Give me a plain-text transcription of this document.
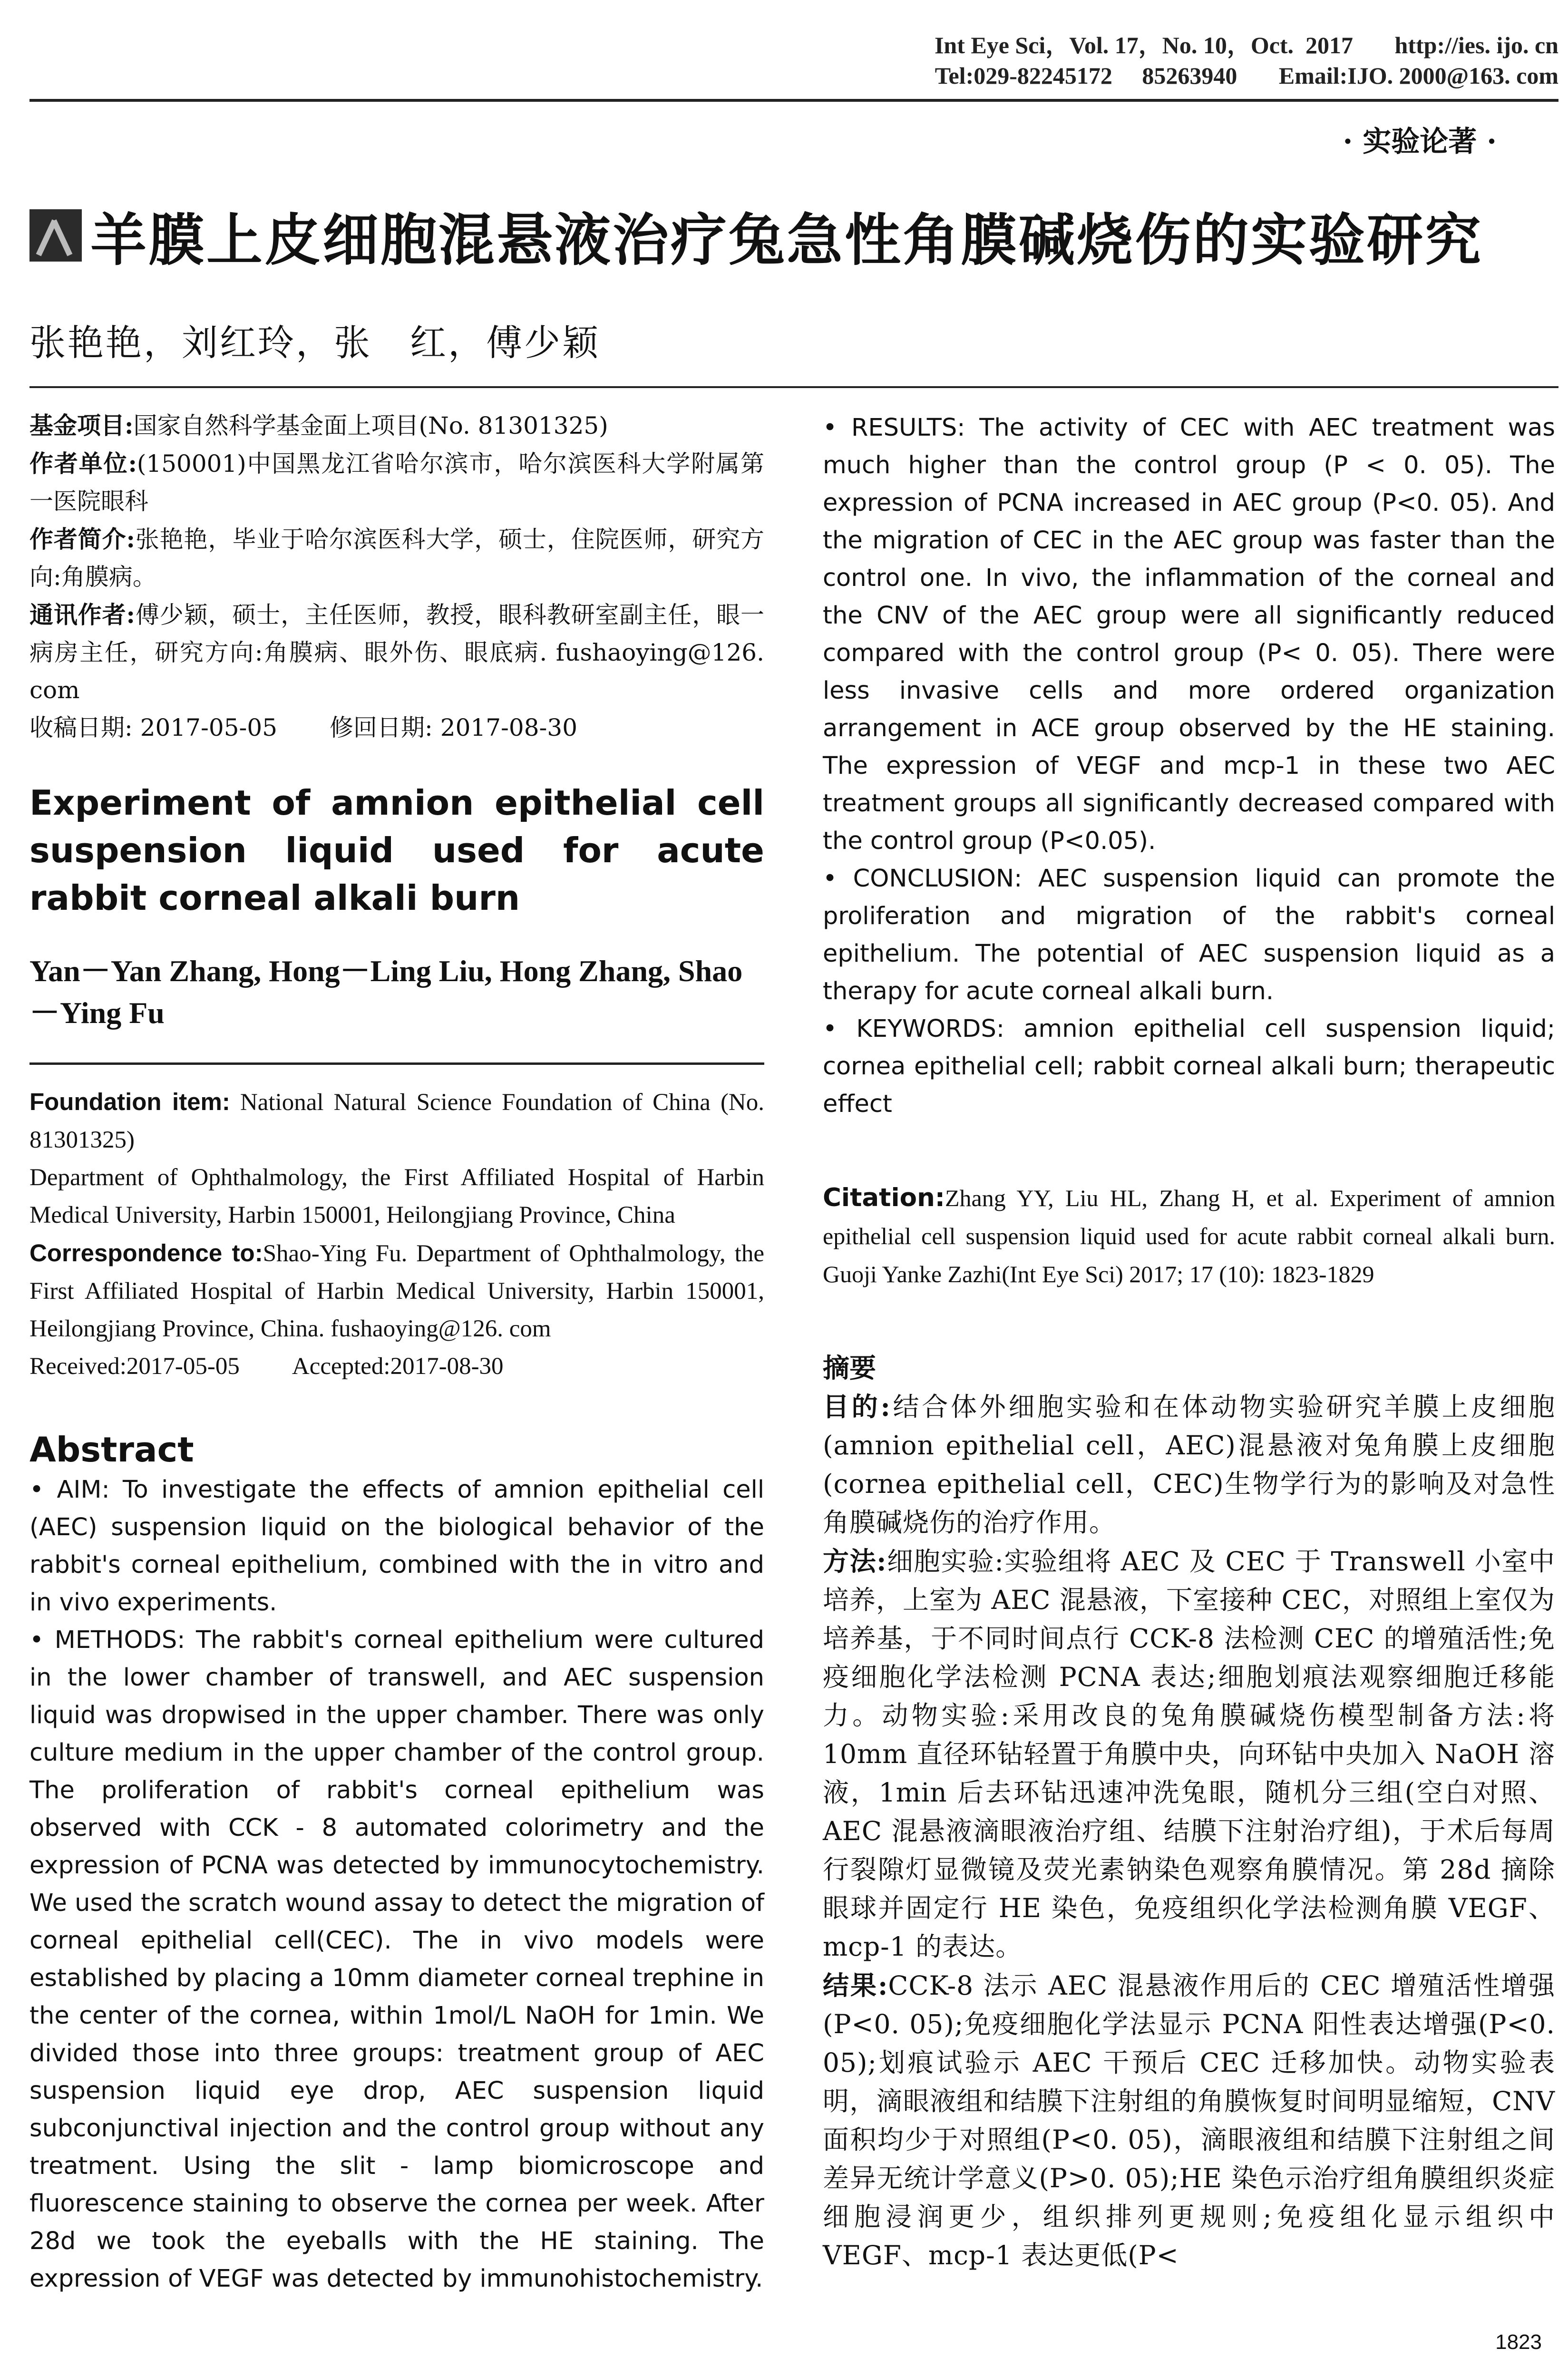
Int Eye Sci，Vol. 17，No. 10，Oct.  2017       http://ies. ijo. cn
Tel:029-82245172     85263940       Email:IJO. 2000@163. com
· 实验论著 ·
羊膜上皮细胞混悬液治疗兔急性角膜碱烧伤的实验研究
张艳艳，刘红玲，张　红，傅少颖
基金项目:国家自然科学基金面上项目(No. 81301325)
作者单位:(150001)中国黑龙江省哈尔滨市，哈尔滨医科大学附属第一医院眼科
作者简介:张艳艳，毕业于哈尔滨医科大学，硕士，住院医师，研究方向:角膜病。
通讯作者:傅少颖，硕士，主任医师，教授，眼科教研室副主任，眼一病房主任，研究方向:角膜病、眼外伤、眼底病. fushaoying@126. com
收稿日期: 2017-05-05 修回日期: 2017-08-30
Experiment of amnion epithelial cell suspension liquid used for acute rabbit corneal alkali burn
Yan－Yan Zhang, Hong－Ling Liu, Hong Zhang, Shao－Ying Fu
Foundation item: National Natural Science Foundation of China (No. 81301325)
Department of Ophthalmology, the First Affiliated Hospital of Harbin Medical University, Harbin 150001, Heilongjiang Province, China
Correspondence to:Shao-Ying Fu. Department of Ophthalmology, the First Affiliated Hospital of Harbin Medical University, Harbin 150001, Heilongjiang Province, China. fushaoying@126. com
Received:2017-05-05 Accepted:2017-08-30
Abstract
• AIM: To investigate the effects of amnion epithelial cell (AEC) suspension liquid on the biological behavior of the rabbit's corneal epithelium, combined with the in vitro and in vivo experiments.
• METHODS: The rabbit's corneal epithelium were cultured in the lower chamber of transwell, and AEC suspension liquid was dropwised in the upper chamber. There was only culture medium in the upper chamber of the control group. The proliferation of rabbit's corneal epithelium was observed with CCK - 8 automated colorimetry and the expression of PCNA was detected by immunocytochemistry. We used the scratch wound assay to detect the migration of corneal epithelial cell(CEC). The in vivo models were established by placing a 10mm diameter corneal trephine in the center of the cornea, within 1mol/L NaOH for 1min. We divided those into three groups: treatment group of AEC suspension liquid eye drop, AEC suspension liquid subconjunctival injection and the control group without any treatment. Using the slit - lamp biomicroscope and fluorescence staining to observe the cornea per week. After 28d we took the eyeballs with the HE staining. The expression of VEGF was detected by immunohistochemistry.
• RESULTS: The activity of CEC with AEC treatment was much higher than the control group (P < 0. 05). The expression of PCNA increased in AEC group (P<0. 05). And the migration of CEC in the AEC group was faster than the control one. In vivo, the inflammation of the corneal and the CNV of the AEC group were all significantly reduced compared with the control group (P< 0. 05). There were less invasive cells and more ordered organization arrangement in ACE group observed by the HE staining. The expression of VEGF and mcp-1 in these two AEC treatment groups all significantly decreased compared with the control group (P<0.05).
• CONCLUSION: AEC suspension liquid can promote the proliferation and migration of the rabbit's corneal epithelium. The potential of AEC suspension liquid as a therapy for acute corneal alkali burn.
• KEYWORDS: amnion epithelial cell suspension liquid; cornea epithelial cell; rabbit corneal alkali burn; therapeutic effect
Citation:Zhang YY, Liu HL, Zhang H, et al. Experiment of amnion epithelial cell suspension liquid used for acute rabbit corneal alkali burn. Guoji Yanke Zazhi(Int Eye Sci) 2017; 17 (10): 1823-1829
摘要
目的:结合体外细胞实验和在体动物实验研究羊膜上皮细胞(amnion epithelial cell，AEC)混悬液对兔角膜上皮细胞(cornea epithelial cell，CEC)生物学行为的影响及对急性角膜碱烧伤的治疗作用。
方法:细胞实验:实验组将 AEC 及 CEC 于 Transwell 小室中培养，上室为 AEC 混悬液，下室接种 CEC，对照组上室仅为培养基，于不同时间点行 CCK-8 法检测 CEC 的增殖活性;免疫细胞化学法检测 PCNA 表达;细胞划痕法观察细胞迁移能力。动物实验:采用改良的兔角膜碱烧伤模型制备方法:将 10mm 直径环钻轻置于角膜中央，向环钻中央加入 NaOH 溶液，1min 后去环钻迅速冲洗兔眼，随机分三组(空白对照、AEC 混悬液滴眼液治疗组、结膜下注射治疗组)，于术后每周行裂隙灯显微镜及荧光素钠染色观察角膜情况。第 28d 摘除眼球并固定行 HE 染色，免疫组织化学法检测角膜 VEGF、mcp-1 的表达。
结果:CCK-8 法示 AEC 混悬液作用后的 CEC 增殖活性增强(P<0. 05);免疫细胞化学法显示 PCNA 阳性表达增强(P<0. 05);划痕试验示 AEC 干预后 CEC 迁移加快。动物实验表明，滴眼液组和结膜下注射组的角膜恢复时间明显缩短，CNV 面积均少于对照组(P<0. 05)，滴眼液组和结膜下注射组之间差异无统计学意义(P>0. 05);HE 染色示治疗组角膜组织炎症细胞浸润更少，组织排列更规则;免疫组化显示组织中 VEGF、mcp-1 表达更低(P<
1823
